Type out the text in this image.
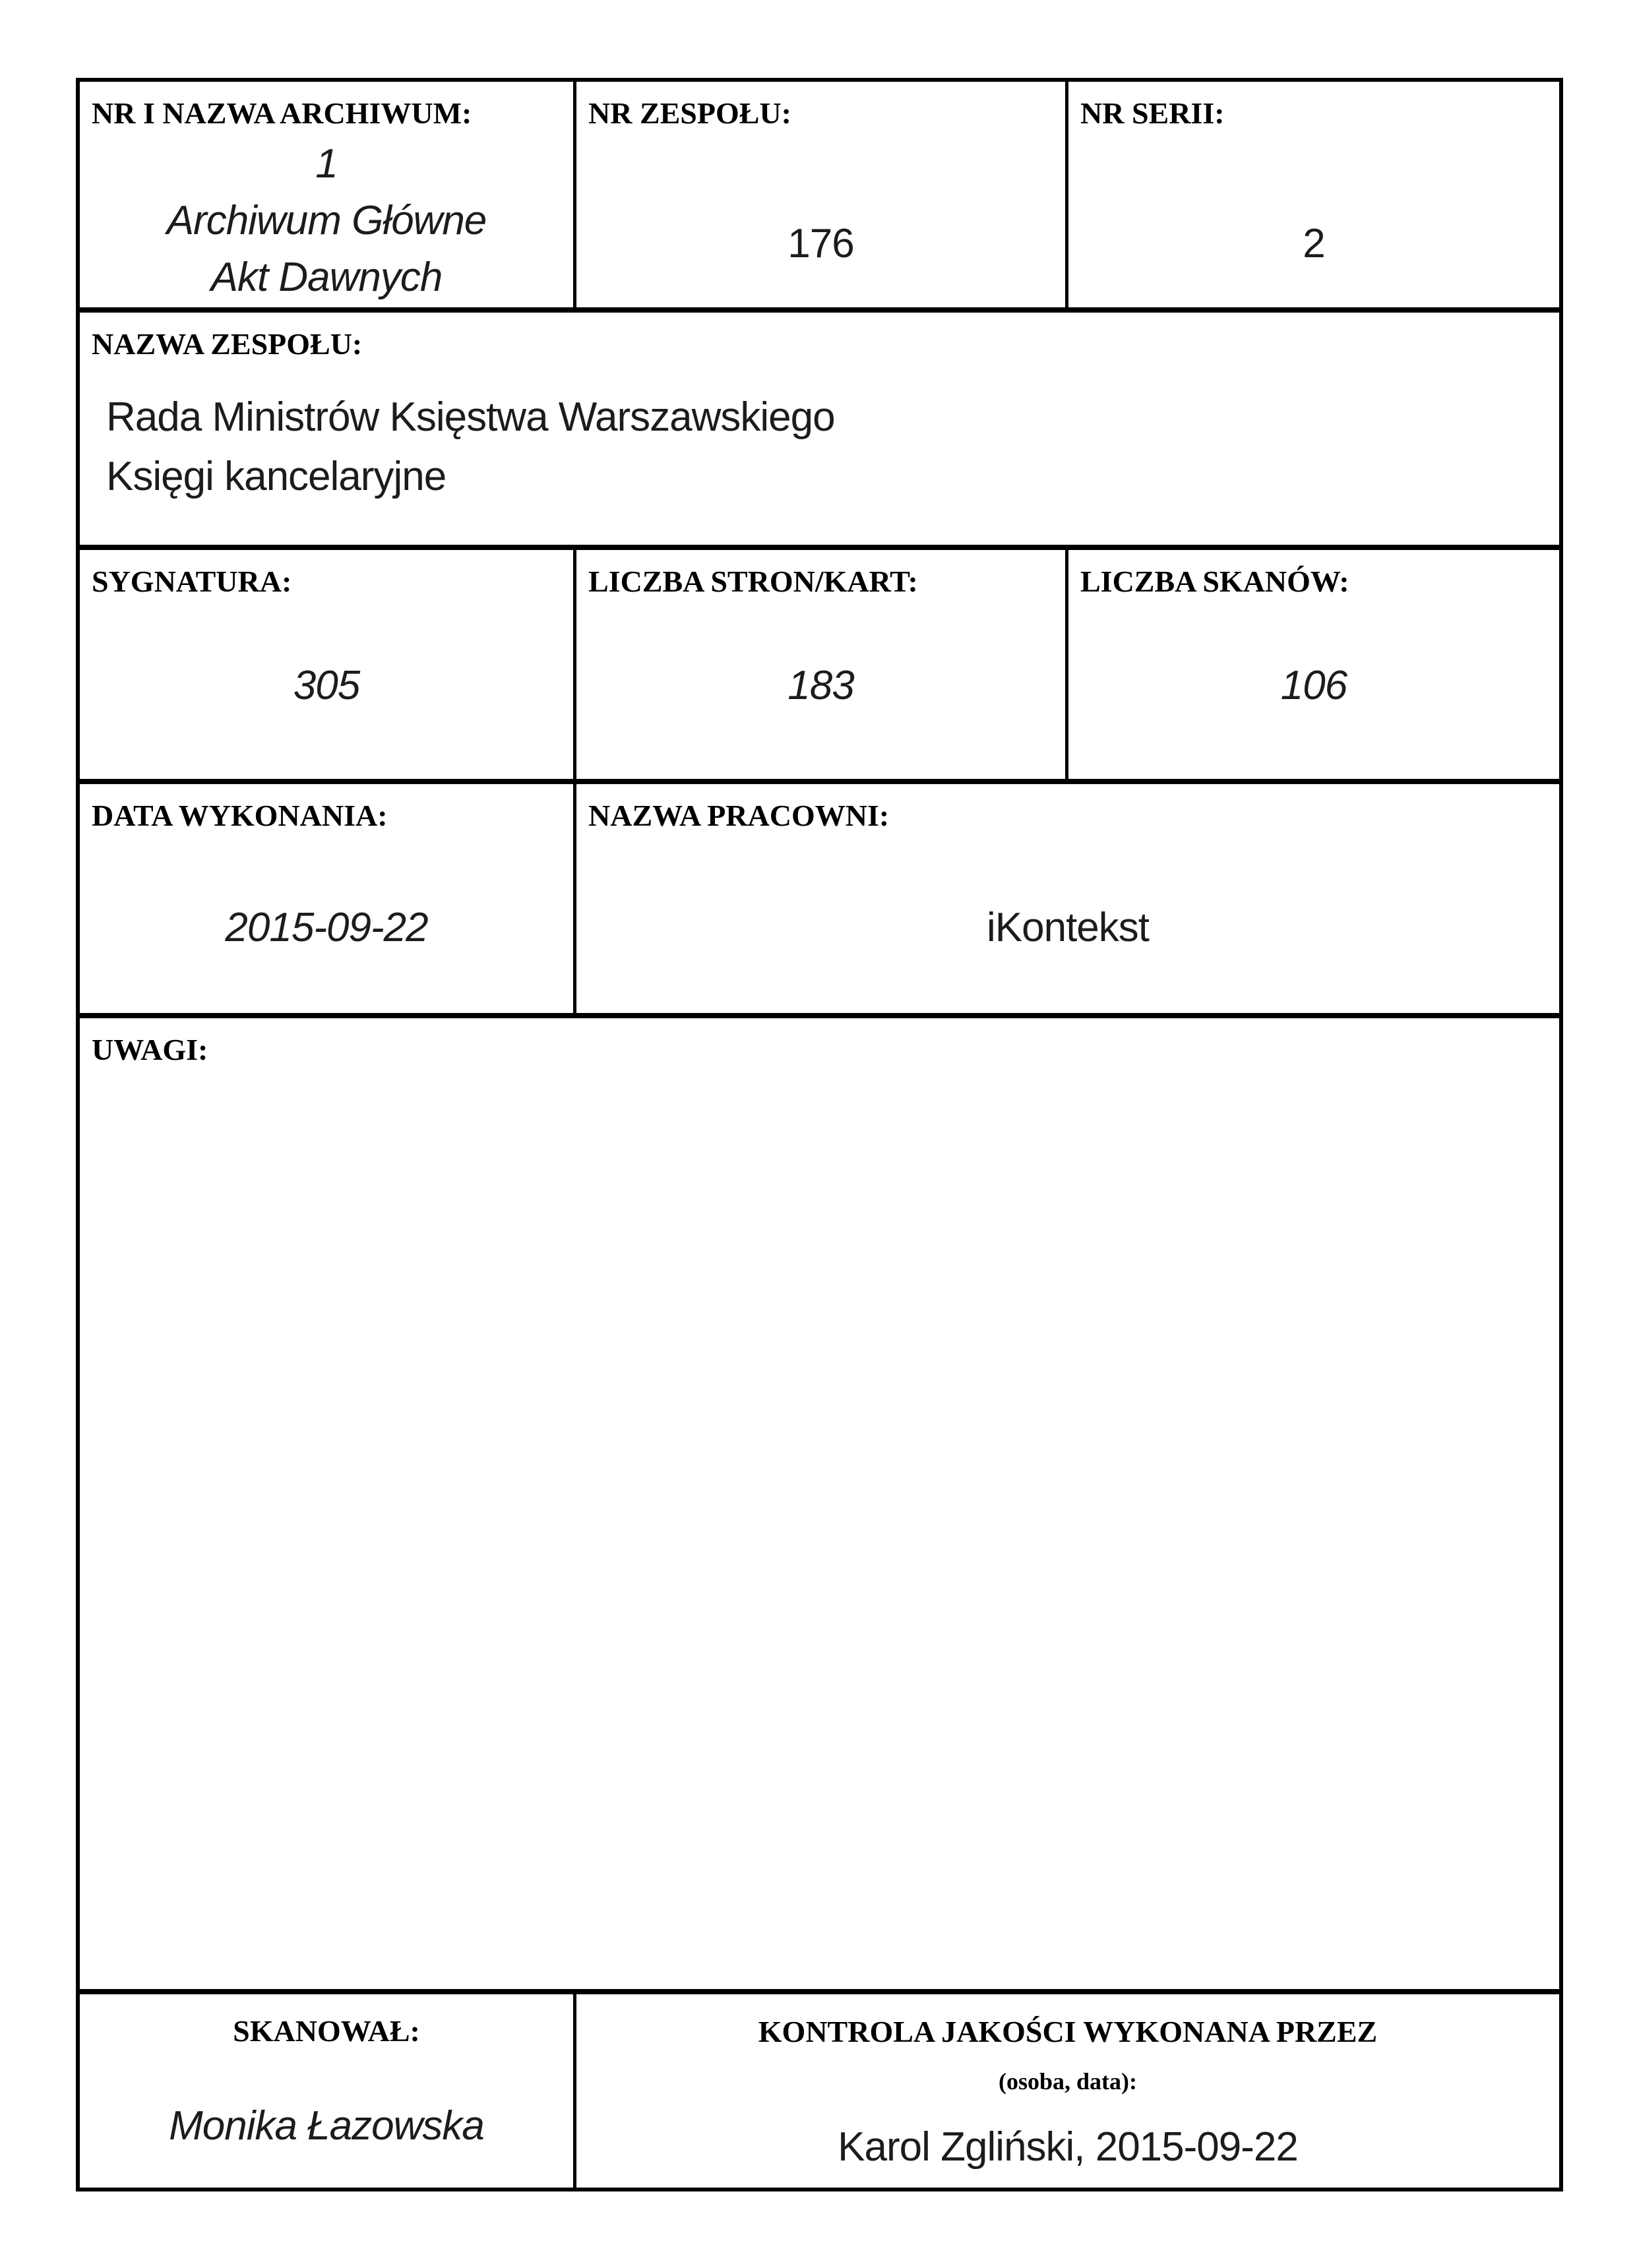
NR I NAZWA ARCHIWUM:
1
Archiwum Główne
Akt Dawnych
NR ZESPOŁU:
176
NR SERII:
2
NAZWA ZESPOŁU:
Rada Ministrów Księstwa Warszawskiego
Księgi kancelaryjne
SYGNATURA:
305
LICZBA STRON/KART:
183
LICZBA SKANÓW:
106
DATA WYKONANIA:
2015-09-22
NAZWA PRACOWNI:
iKontekst
UWAGI:
SKANOWAŁ:
Monika Łazowska
KONTROLA JAKOŚCI WYKONANA PRZEZ
(osoba, data):
Karol Zgliński, 2015-09-22
